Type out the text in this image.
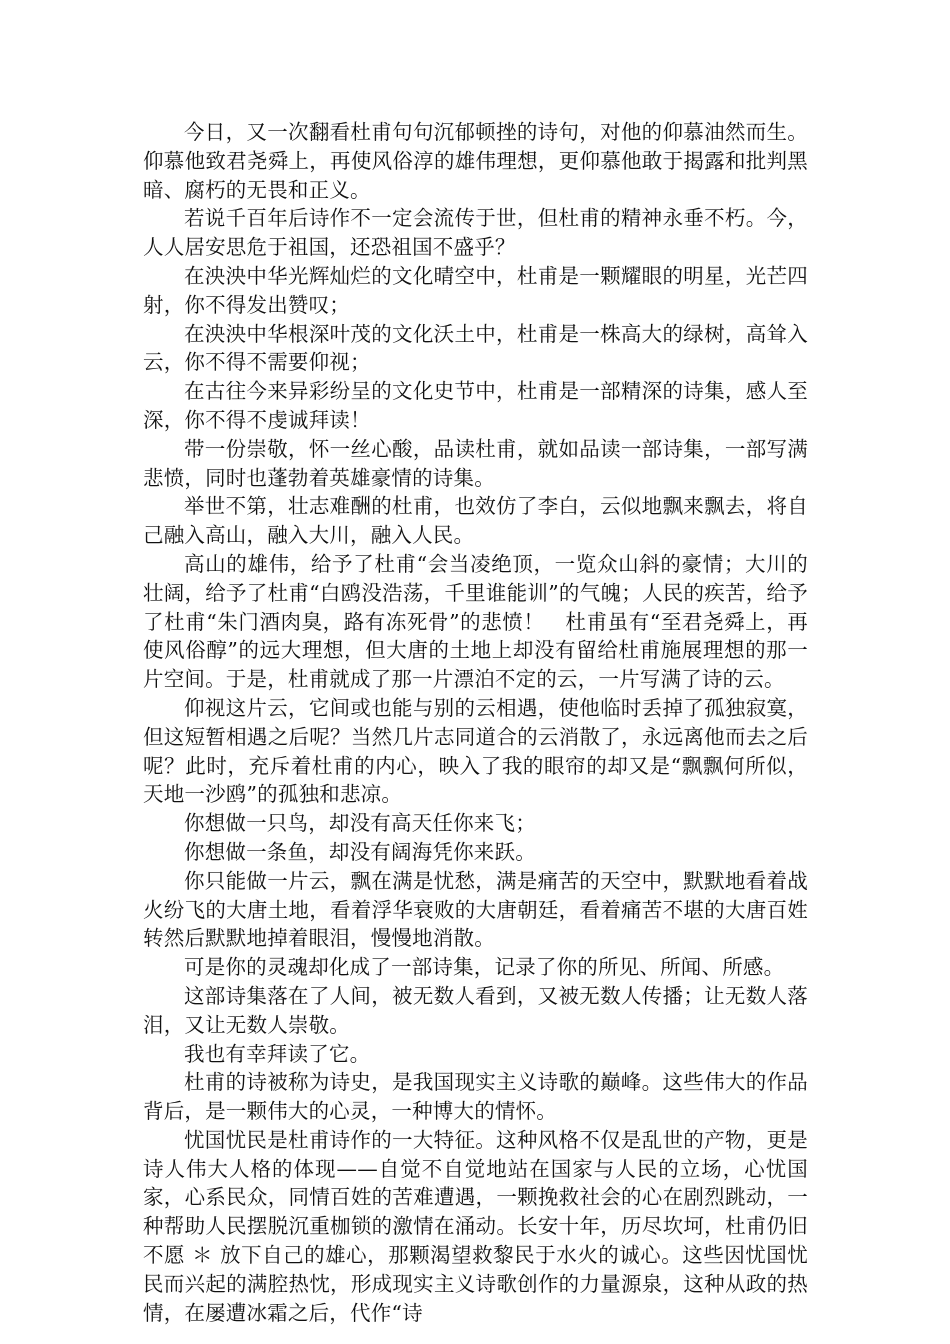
今日，又一次翻看杜甫句句沉郁顿挫的诗句，对他的仰慕油然而生。仰慕他致君尧舜上，再使风俗淳的雄伟理想，更仰慕他敢于揭露和批判黑暗、腐朽的无畏和正义。

若说千百年后诗作不一定会流传于世，但杜甫的精神永垂不朽。今，人人居安思危于祖国，还恐祖国不盛乎？

在泱泱中华光辉灿烂的文化晴空中，杜甫是一颗耀眼的明星，光芒四射，你不得发出赞叹；

在泱泱中华根深叶茂的文化沃土中，杜甫是一株高大的绿树，高耸入云，你不得不需要仰视；

在古往今来异彩纷呈的文化史节中，杜甫是一部精深的诗集，感人至深，你不得不虔诚拜读！

带一份崇敬，怀一丝心酸，品读杜甫，就如品读一部诗集，一部写满悲愤，同时也蓬勃着英雄豪情的诗集。

举世不第，壮志难酬的杜甫，也效仿了李白，云似地飘来飘去，将自己融入高山，融入大川，融入人民。

高山的雄伟，给予了杜甫“会当凌绝顶，一览众山斜的豪情；大川的壮阔，给予了杜甫“白鸥没浩荡，千里谁能训”的气魄；人民的疾苦，给予了杜甫“朱门酒肉臭，路有冻死骨”的悲愤！　杜甫虽有“至君尧舜上，再使风俗醇”的远大理想，但大唐的土地上却没有留给杜甫施展理想的那一片空间。于是，杜甫就成了那一片漂泊不定的云，一片写满了诗的云。

仰视这片云，它间或也能与别的云相遇，使他临时丢掉了孤独寂寞，但这短暂相遇之后呢？当然几片志同道合的云消散了，永远离他而去之后呢？此时，充斥着杜甫的内心，映入了我的眼帘的却又是“飘飘何所似，天地一沙鸥”的孤独和悲凉。

你想做一只鸟，却没有高天任你来飞；

你想做一条鱼，却没有阔海凭你来跃。

你只能做一片云，飘在满是忧愁，满是痛苦的天空中，默默地看着战火纷飞的大唐土地，看着浮华衰败的大唐朝廷，看着痛苦不堪的大唐百姓转然后默默地掉着眼泪，慢慢地消散。

可是你的灵魂却化成了一部诗集，记录了你的所见、所闻、所感。

这部诗集落在了人间，被无数人看到，又被无数人传播；让无数人落泪，又让无数人崇敬。

我也有幸拜读了它。

杜甫的诗被称为诗史，是我国现实主义诗歌的巅峰。这些伟大的作品背后，是一颗伟大的心灵，一种博大的情怀。

忧国忧民是杜甫诗作的一大特征。这种风格不仅是乱世的产物，更是诗人伟大人格的体现——自觉不自觉地站在国家与人民的立场，心忧国家，心系民众，同情百姓的苦难遭遇，一颗挽救社会的心在剧烈跳动，一种帮助人民摆脱沉重枷锁的激情在涌动。长安十年，历尽坎坷，杜甫仍旧不愿 ＊ 放下自己的雄心，那颗渴望救黎民于水火的诚心。这些因忧国忧民而兴起的满腔热忱，形成现实主义诗歌创作的力量源泉，这种从政的热情，在屡遭冰霜之后，代作“诗
